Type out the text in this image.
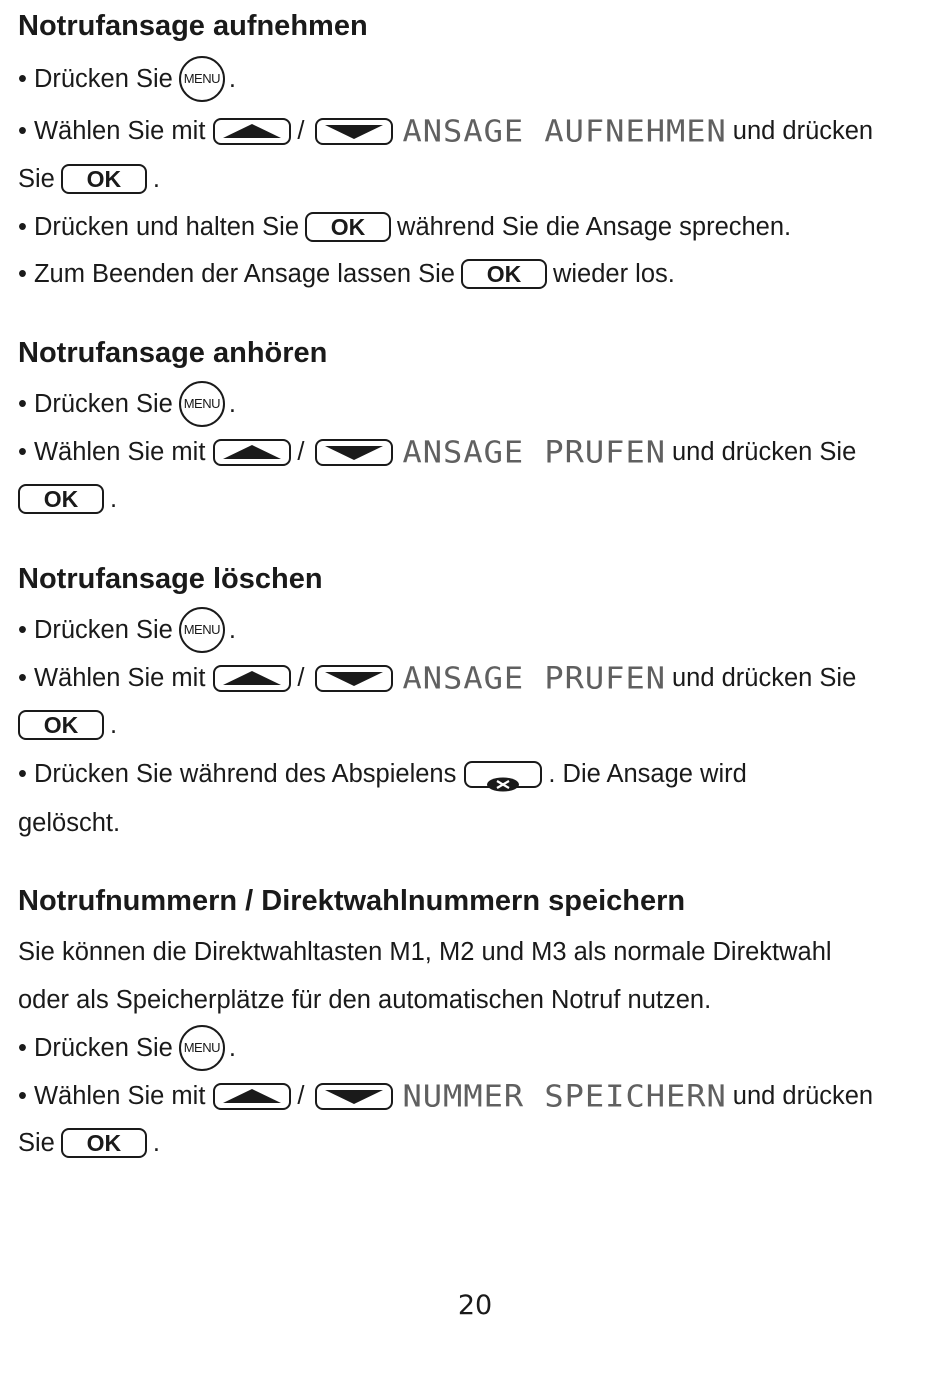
Notrufansage aufnehmen
• Drücken Sie MENU .
• Wählen Sie mit	/	ANSAGE AUFNEHMEN und drücken
Sie	OK	.
• Drücken und halten Sie	OK	während Sie die Ansage sprechen.
• Zum Beenden der Ansage lassen Sie	OK	wieder los.
Notrufansage anhören
• Drücken Sie MENU .
• Wählen Sie mit	/	ANSAGE PRUFEN und drücken Sie
OK	.
Notrufansage löschen
• Drücken Sie MENU .
• Wählen Sie mit	/	ANSAGE PRUFEN und drücken Sie
OK	.
• Drücken Sie während des Abspielens	. Die Ansage wird
gelöscht.
Notrufnummern / Direktwahlnummern speichern
Sie können die Direktwahltasten M1, M2 und M3 als normale Direktwahl
oder als Speicherplätze für den automatischen Notruf nutzen.
• Drücken Sie MENU .
• Wählen Sie mit	/	NUMMER SPEICHERN und drücken
Sie	OK	.
20
